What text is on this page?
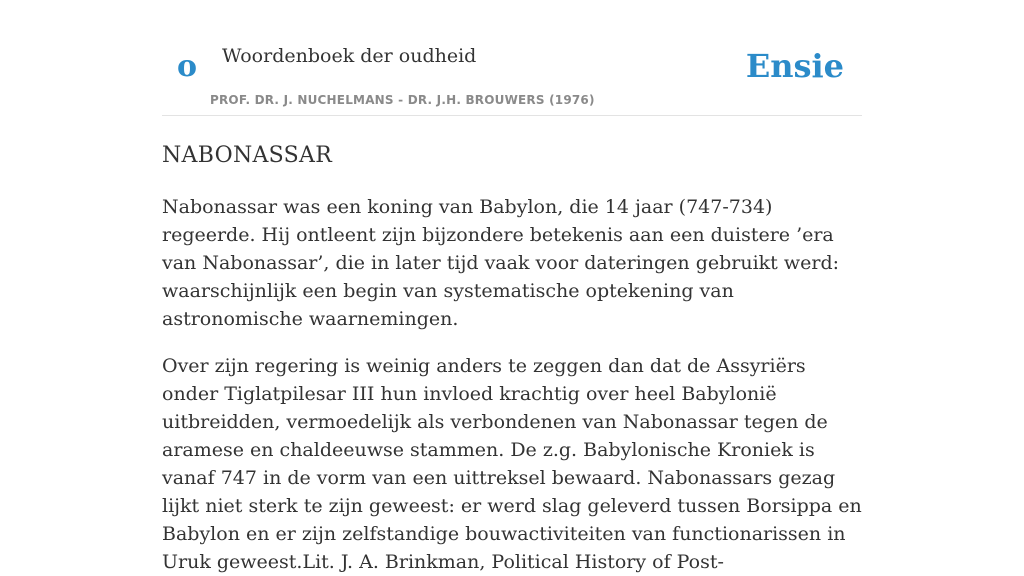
o Woordenboek der oudheid
PROF. DR. J. NUCHELMANS - DR. J.H. BROUWERS (1976)
Ensie
NABONASSAR

Nabonassar was een koning van Babylon, die 14 jaar (747-734) regeerde. Hij ontleent zijn bijzondere betekenis aan een duistere ’era van Nabonassar’, die in later tijd vaak voor dateringen gebruikt werd: waarschijnlijk een begin van systematische optekening van astronomische waarnemingen.

Over zijn regering is weinig anders te zeggen dan dat de Assyriërs onder Tiglatpilesar III hun invloed krachtig over heel Babylonië uitbreidden, vermoedelijk als verbondenen van Nabonassar tegen de aramese en chaldeeuwse stammen. De z.g. Babylonische Kroniek is vanaf 747 in de vorm van een uittreksel bewaard. Nabonassars gezag lijkt niet sterk te zijn geweest: er werd slag geleverd tussen Borsippa en Babylon en er zijn zelfstandige bouwactiviteiten van functionarissen in Uruk geweest.Lit. J. A. Brinkman, Political History of Post-
